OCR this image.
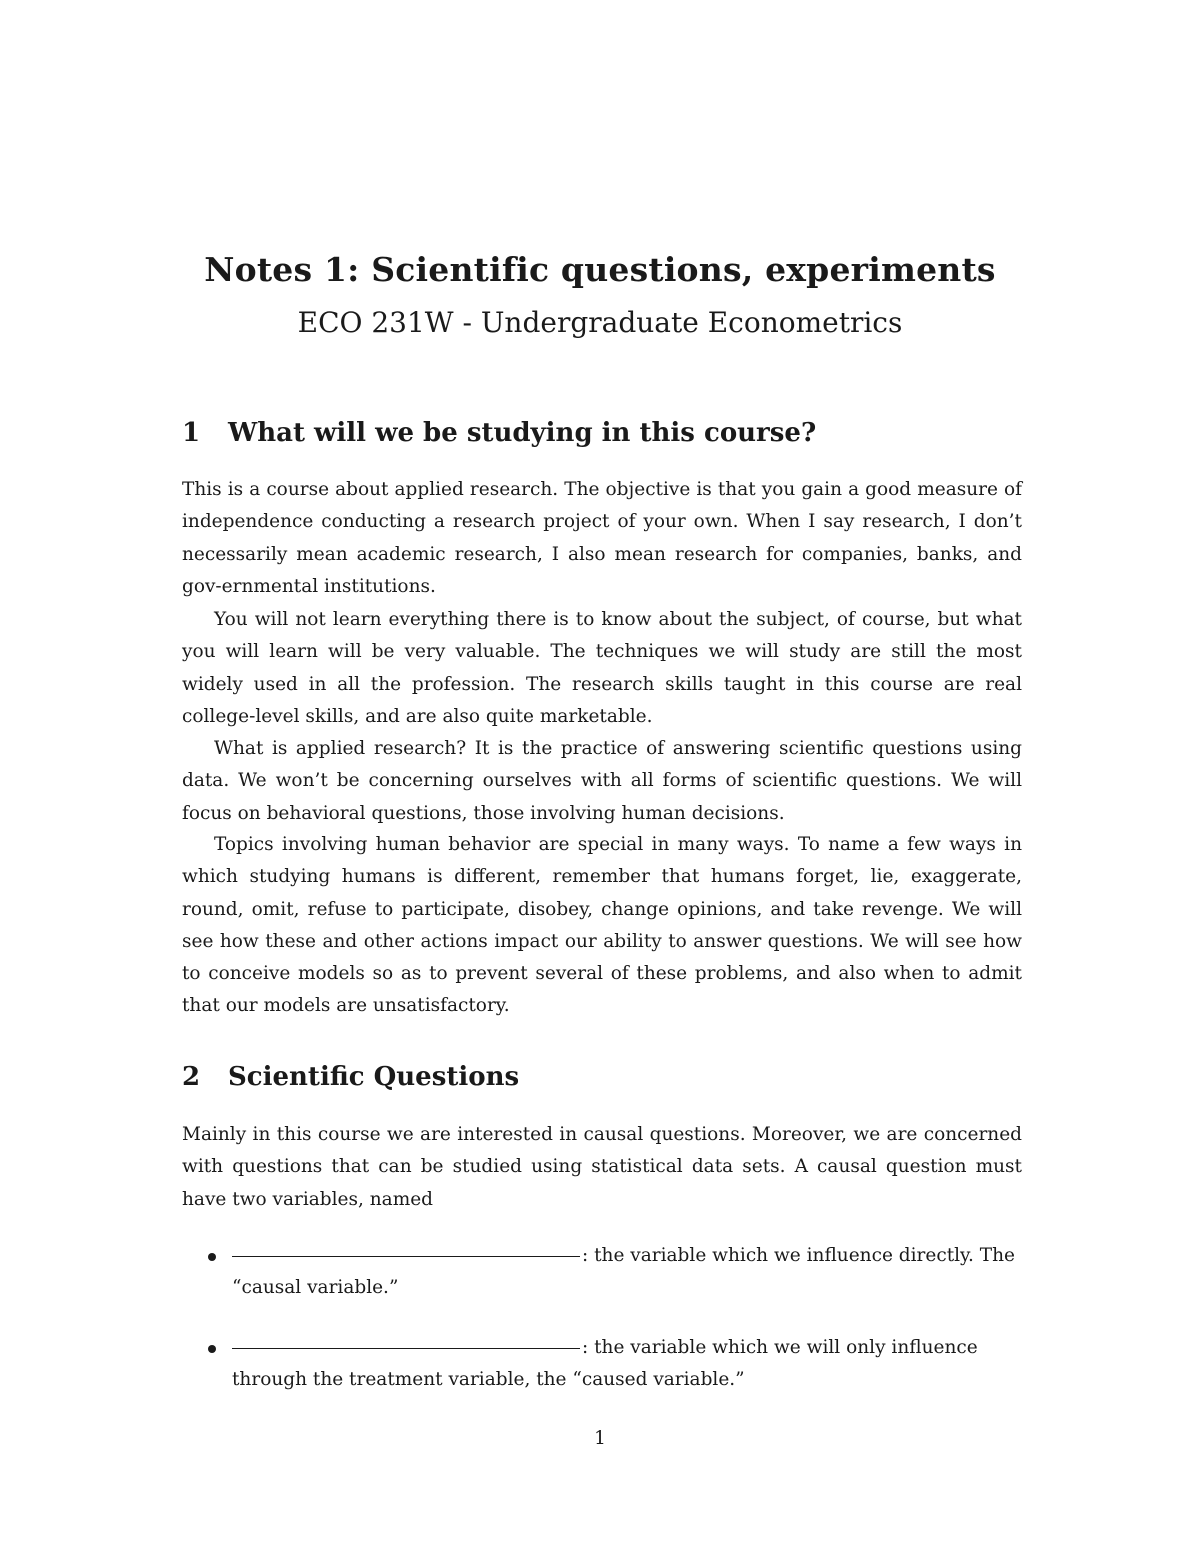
Notes 1: Scientific questions, experiments
ECO 231W - Undergraduate Econometrics
1 What will we be studying in this course?

This is a course about applied research. The objective is that you gain a good measure of independence conducting a research project of your own. When I say research, I don’t necessarily mean academic research, I also mean research for companies, banks, and gov-ernmental institutions.

You will not learn everything there is to know about the subject, of course, but what you will learn will be very valuable. The techniques we will study are still the most widely used in all the profession. The research skills taught in this course are real college-level skills, and are also quite marketable.

What is applied research? It is the practice of answering scientific questions using data. We won’t be concerning ourselves with all forms of scientific questions. We will focus on behavioral questions, those involving human decisions.

Topics involving human behavior are special in many ways. To name a few ways in which studying humans is different, remember that humans forget, lie, exaggerate, round, omit, refuse to participate, disobey, change opinions, and take revenge. We will see how these and other actions impact our ability to answer questions. We will see how to conceive models so as to prevent several of these problems, and also when to admit that our models are unsatisfactory.

2 Scientific Questions

Mainly in this course we are interested in causal questions. Moreover, we are concerned with questions that can be studied using statistical data sets. A causal question must have two variables, named

: the variable which we influence directly. The “causal variable.”
: the variable which we will only influence through the treatment variable, the “caused variable.”
1
